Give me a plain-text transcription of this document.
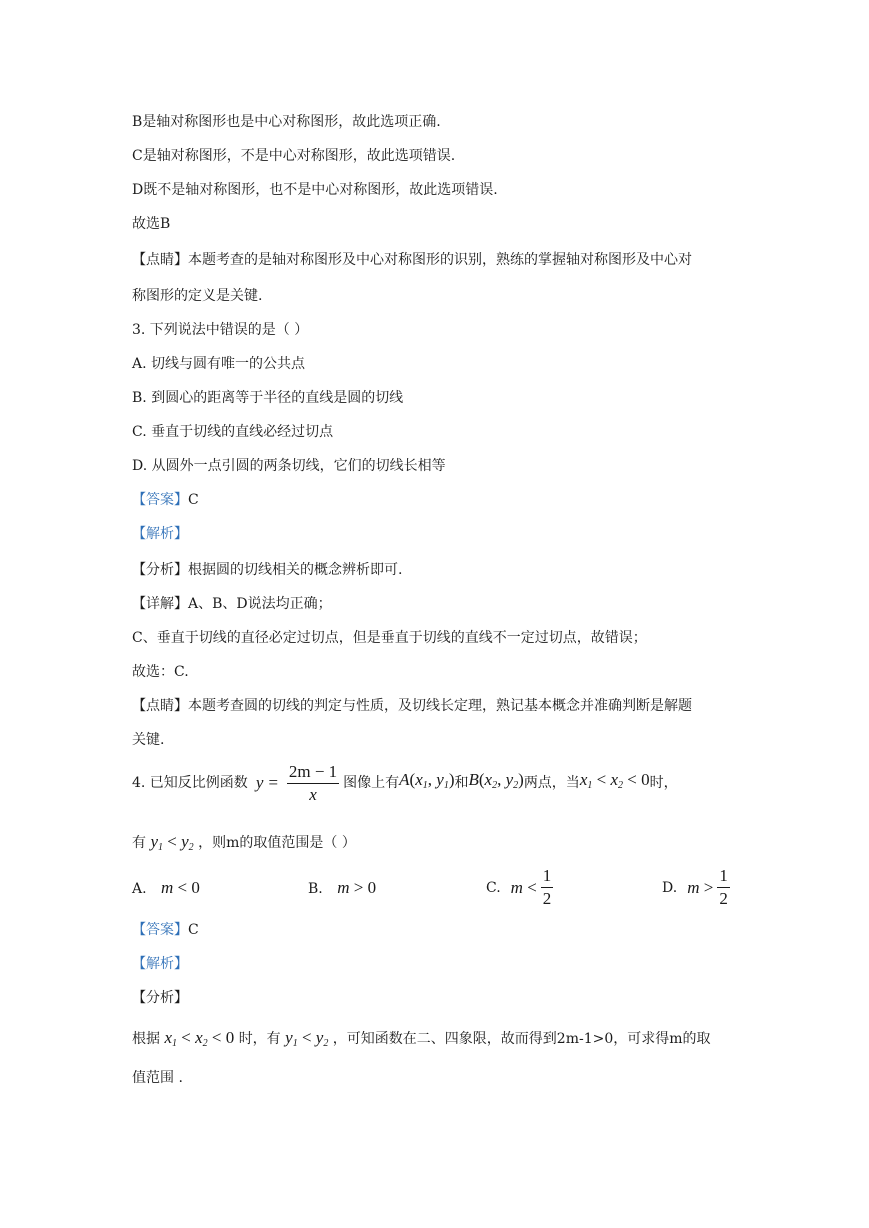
B是轴对称图形也是中心对称图形，故此选项正确.
C是轴对称图形，不是中心对称图形，故此选项错误.
D既不是轴对称图形，也不是中心对称图形，故此选项错误.
故选B
【点睛】本题考查的是轴对称图形及中心对称图形的识别，熟练的掌握轴对称图形及中心对
称图形的定义是关键.
3. 下列说法中错误的是（ ）
A. 切线与圆有唯一的公共点
B. 到圆心的距离等于半径的直线是圆的切线
C. 垂直于切线的直线必经过切点
D. 从圆外一点引圆的两条切线，它们的切线长相等
【答案】C
【解析】
【分析】根据圆的切线相关的概念辨析即可.
【详解】A、B、D说法均正确；
C、垂直于切线的直径必定过切点，但是垂直于切线的直线不一定过切点，故错误；
故选：C.
【点睛】本题考查圆的切线的判定与性质，及切线长定理，熟记基本概念并准确判断是解题
关键.
4. 已知反比例函数 $y = \frac{2m - 1}{x}$ 图像上有 $A(x_1$, $y_1$) 和 $B(x_2$, $y_2$) 两点，当 $x_1 < x_2 < 0$ 时，
有 $y_1 < y_2$ ，则m的取值范围是（ ）
A. m < 0	B. m > 0	C. $m < \frac{1}{2}$	D. $m > \frac{1}{2}$
【答案】C
【解析】
【分析】
根据 $x_1 < x_2 < 0$ 时，有 $y_1 < y_2$ ，可知函数在二、四象限，故而得到2m-1>0，可求得m的取
值范围 .
